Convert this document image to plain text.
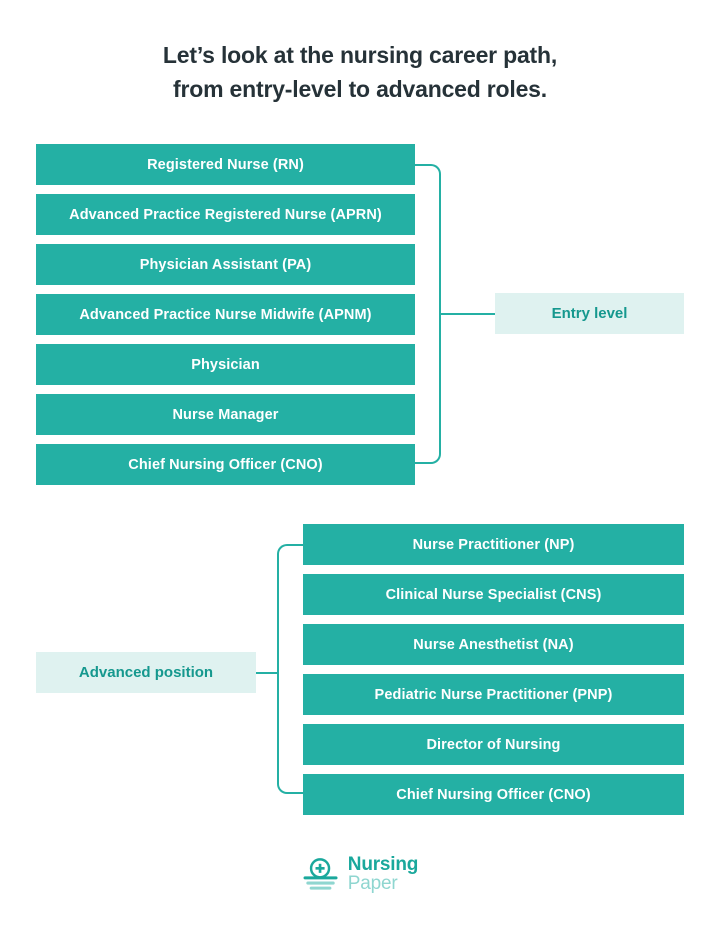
Let’s look at the nursing career path,
from entry-level to advanced roles.
Registered Nurse (RN)
Advanced Practice Registered Nurse (APRN)
Physician Assistant (PA)
Advanced Practice Nurse Midwife (APNM)
Physician
Nurse Manager
Chief Nursing Officer (CNO)
Entry level
Nurse Practitioner (NP)
Clinical Nurse Specialist (CNS)
Nurse Anesthetist (NA)
Pediatric Nurse Practitioner (PNP)
Director of Nursing
Chief Nursing Officer (CNO)
Advanced position
Nursing
Paper
